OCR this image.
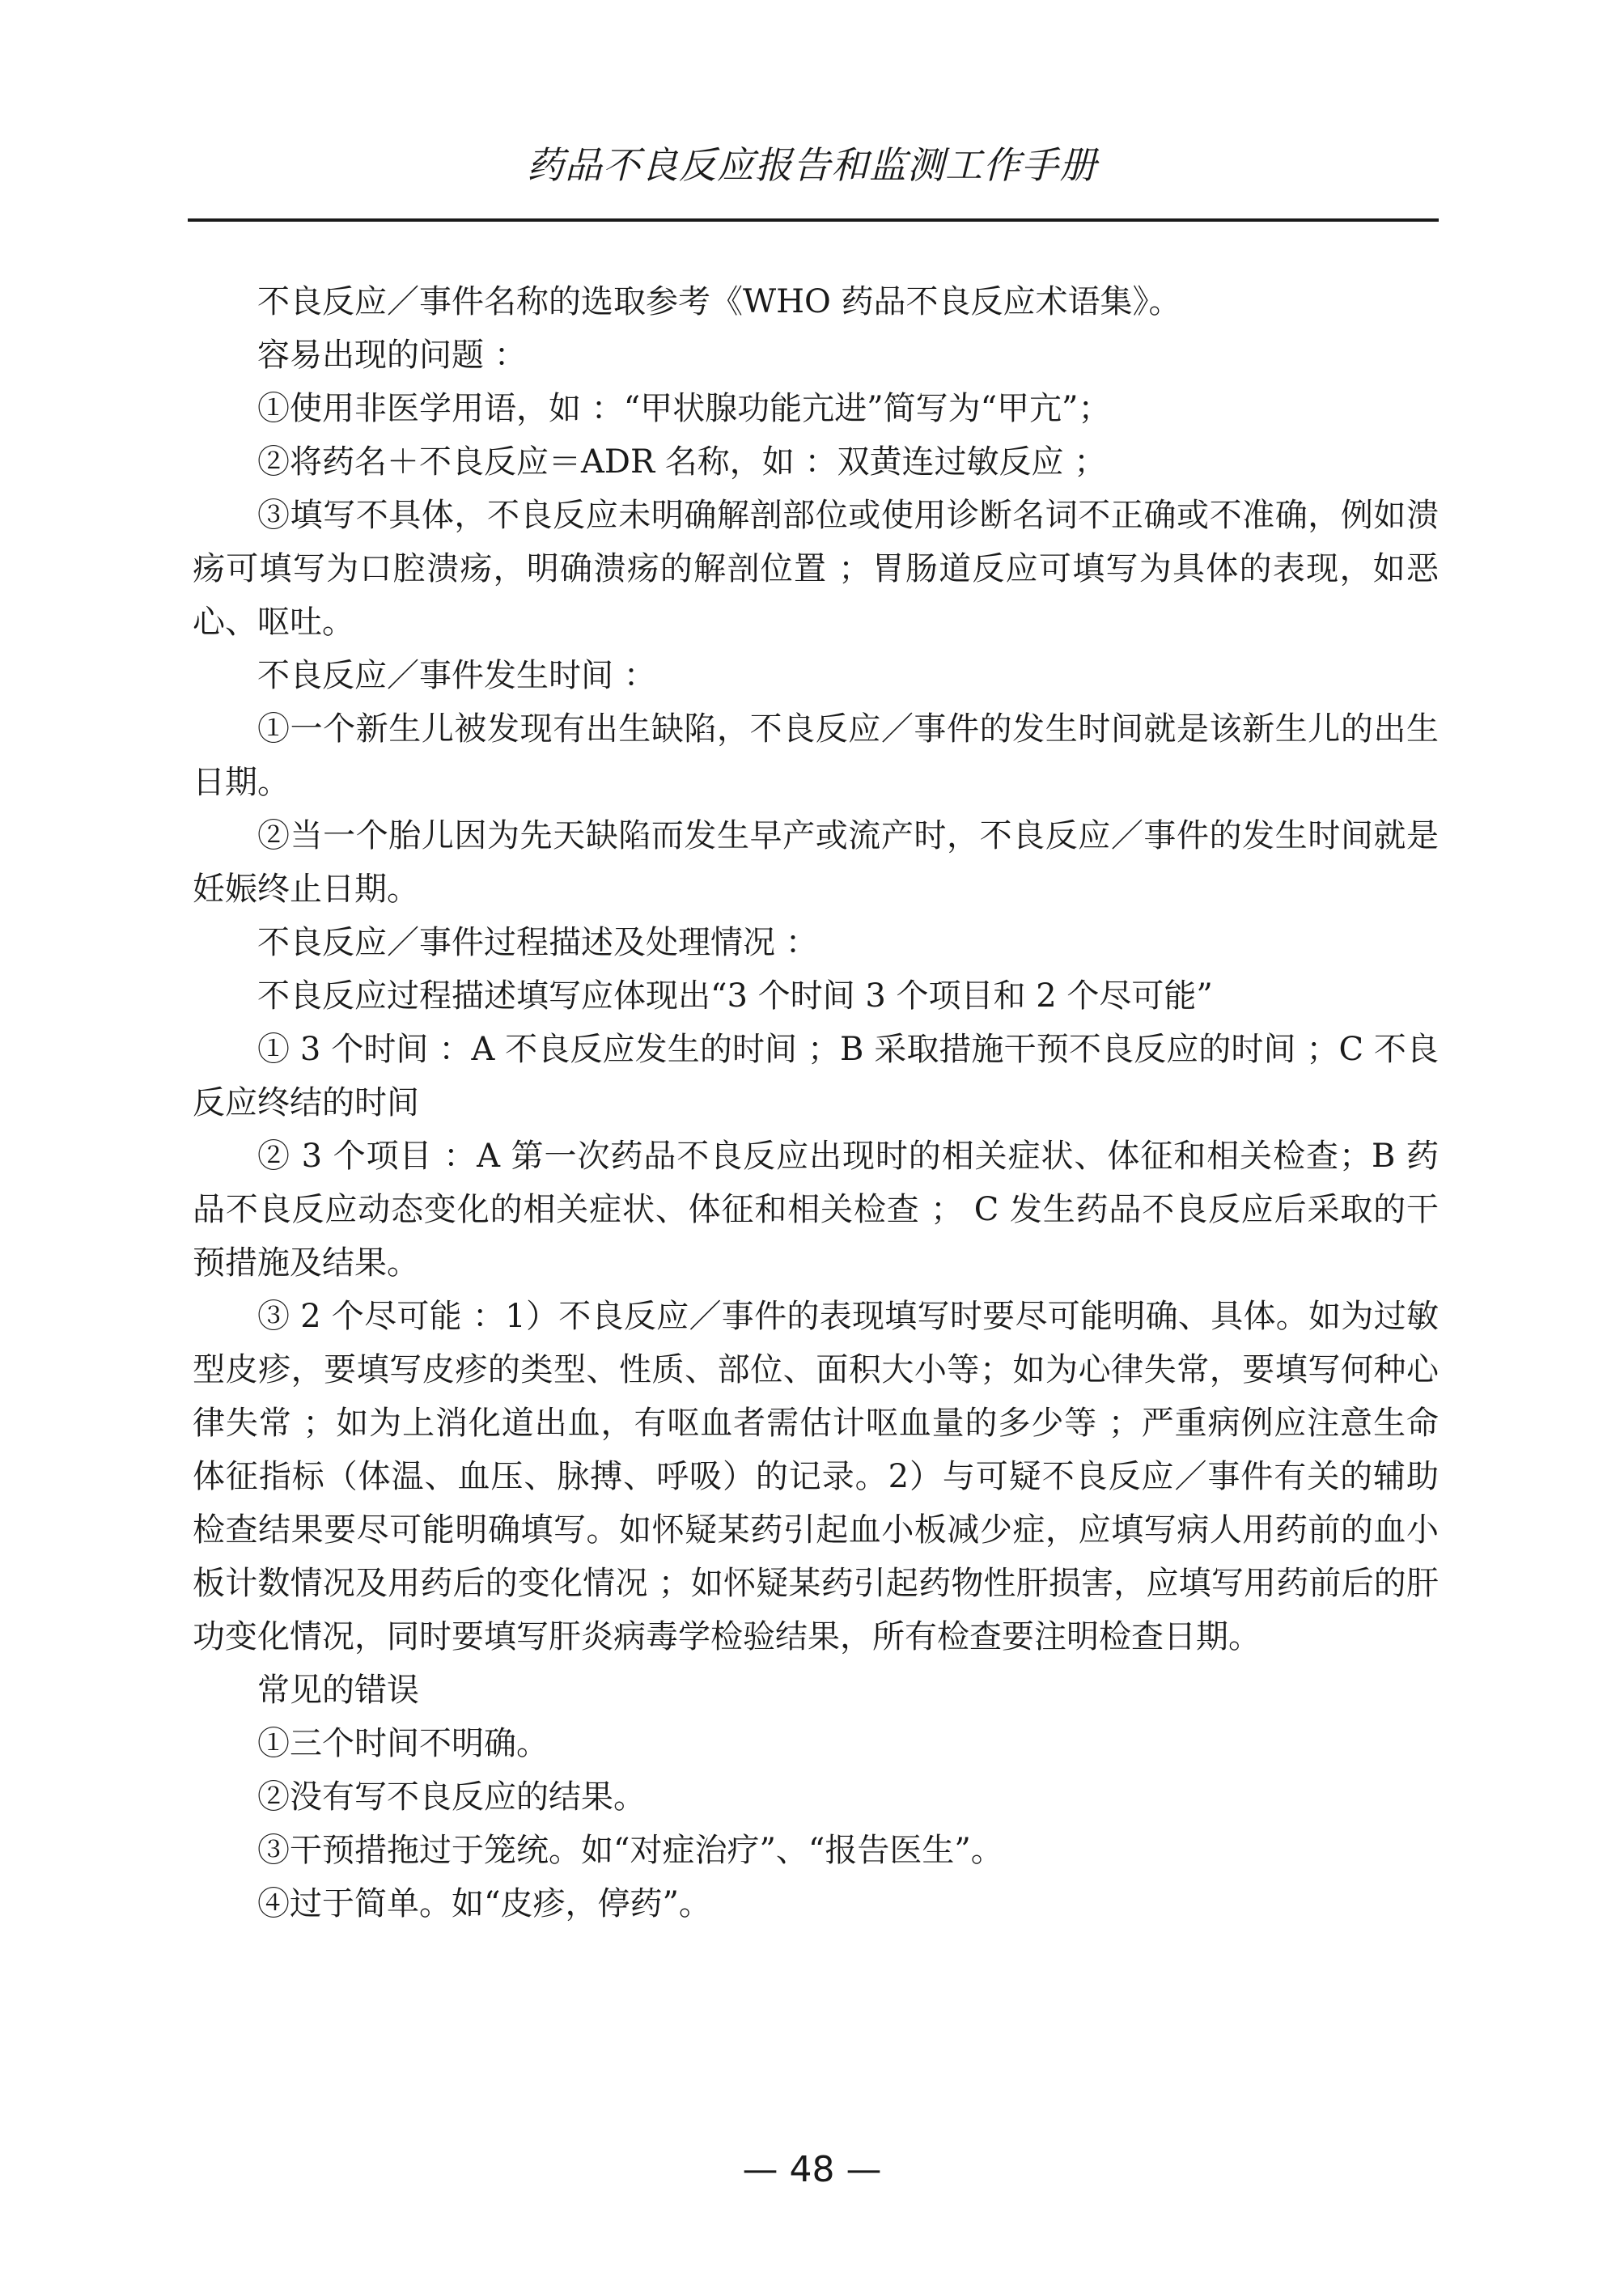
药品不良反应报告和监测工作手册

不良反应／事件名称的选取参考《WHO 药品不良反应术语集》。

容易出现的问题 ：

①使用非医学用语，如 ：“甲状腺功能亢进”简写为“甲亢”；

②将药名＋不良反应＝ADR 名称，如 ：双黄连过敏反应 ；

③填写不具体，不良反应未明确解剖部位或使用诊断名词不正确或不准确，例如溃疡可填写为口腔溃疡，明确溃疡的解剖位置 ；胃肠道反应可填写为具体的表现，如恶心、呕吐。

不良反应／事件发生时间 ：

①一个新生儿被发现有出生缺陷，不良反应／事件的发生时间就是该新生儿的出生日期。

②当一个胎儿因为先天缺陷而发生早产或流产时，不良反应／事件的发生时间就是妊娠终止日期。

不良反应／事件过程描述及处理情况 ：

不良反应过程描述填写应体现出“3 个时间 3 个项目和 2 个尽可能”

① 3 个时间 ：A 不良反应发生的时间 ；B 采取措施干预不良反应的时间 ；C 不良反应终结的时间

② 3 个项目 ：A 第一次药品不良反应出现时的相关症状、体征和相关检查；B 药品不良反应动态变化的相关症状、体征和相关检查 ； C 发生药品不良反应后采取的干预措施及结果。

③ 2 个尽可能 ：1）不良反应／事件的表现填写时要尽可能明确、具体。如为过敏型皮疹，要填写皮疹的类型、性质、部位、面积大小等；如为心律失常，要填写何种心律失常 ；如为上消化道出血，有呕血者需估计呕血量的多少等 ；严重病例应注意生命体征指标（体温、血压、脉搏、呼吸）的记录。2）与可疑不良反应／事件有关的辅助检查结果要尽可能明确填写。如怀疑某药引起血小板减少症，应填写病人用药前的血小板计数情况及用药后的变化情况 ；如怀疑某药引起药物性肝损害，应填写用药前后的肝功变化情况，同时要填写肝炎病毒学检验结果，所有检查要注明检查日期。

常见的错误

①三个时间不明确。

②没有写不良反应的结果。

③干预措拖过于笼统。如“对症治疗”、“报告医生”。

④过于简单。如“皮疹，停药”。

— 48 —
